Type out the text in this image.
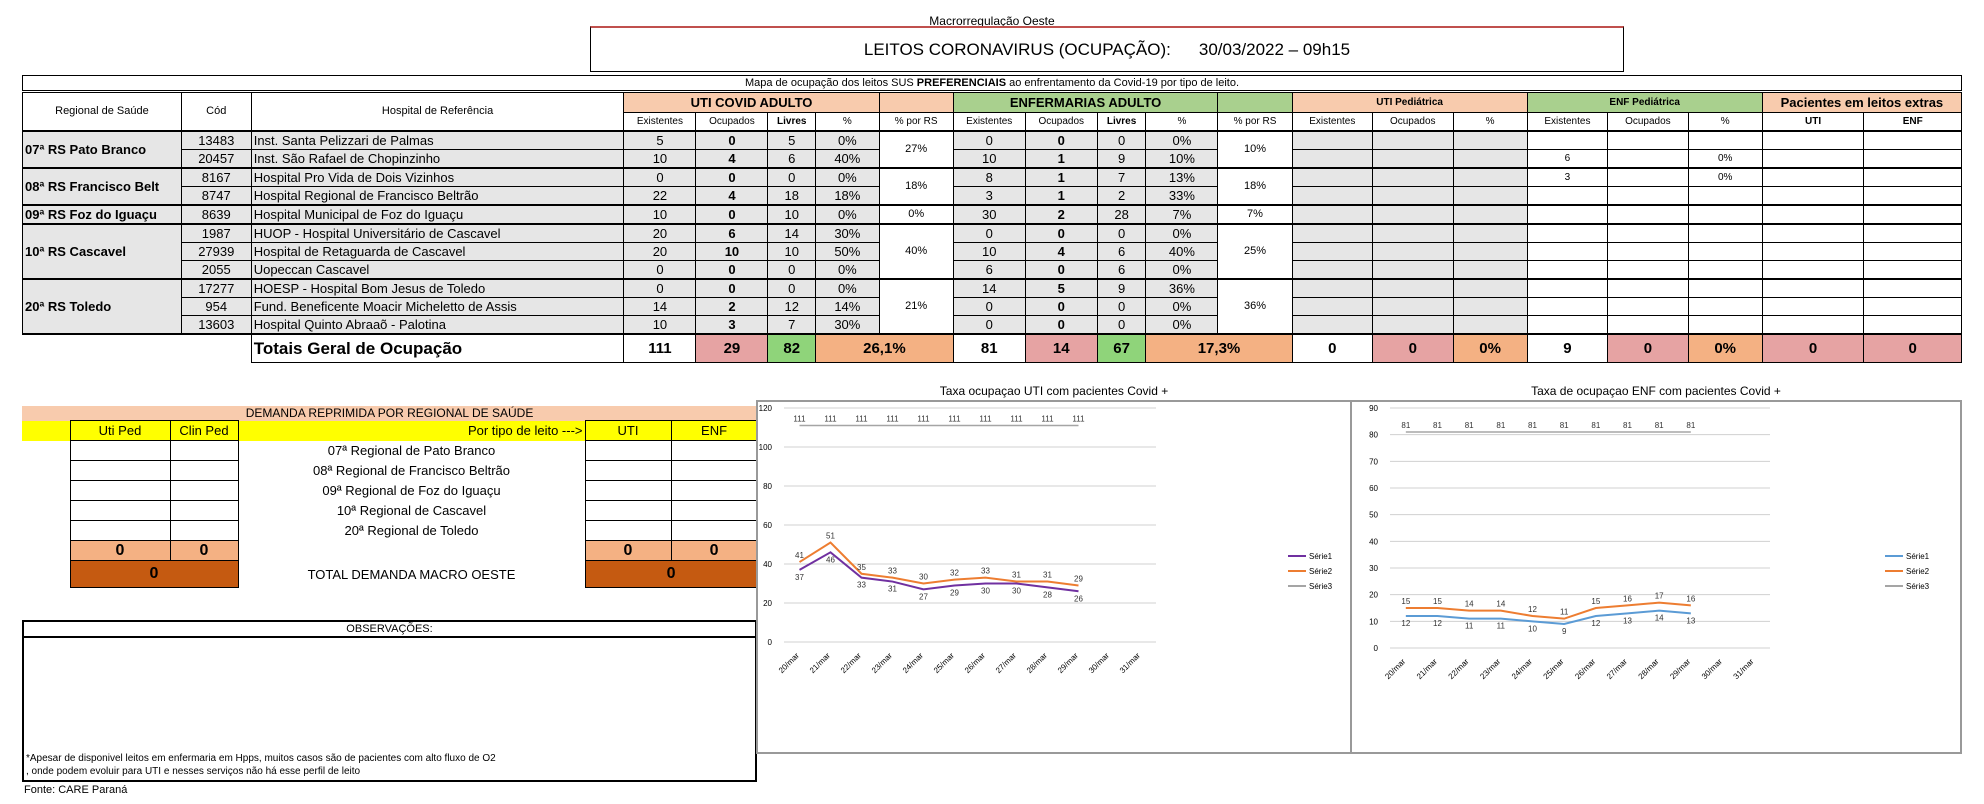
Macrorregulação Oeste
LEITOS CORONAVIRUS (OCUPAÇÃO): 30/03/2022 – 09h15
Mapa de ocupação dos leitos SUS PREFERENCIAIS ao enfrentamento da Covid-19 por tipo de leito.
Regional de Saúde	Cód	Hospital de Referência	UTI COVID ADULTO					ENFERMARIAS ADULTO					UTI Pediátrica			ENF Pediátrica			Pacientes em leitos extras	
			Existentes	Ocupados	Livres	%	% por RS	Existentes	Ocupados	Livres	%	% por RS	Existentes	Ocupados	%	Existentes	Ocupados	%	UTI	ENF
07ª RS Pato Branco	13483	Inst. Santa Pelizzari de Palmas	5	0	5	0%	27%	0	0	0	0%	10%								
	20457	Inst. São Rafael de Chopinzinho	10	4	6	40%		10	1	9	10%					6		0%		
08ª RS Francisco Belt	8167	Hospital Pro Vida de Dois Vizinhos	0	0	0	0%	18%	8	1	7	13%	18%				3		0%		
	8747	Hospital Regional de Francisco Beltrão	22	4	18	18%		3	1	2	33%									
09ª RS Foz do Iguaçu	8639	Hospital Municipal de Foz do Iguaçu	10	0	10	0%	0%	30	2	28	7%	7%								
10ª RS Cascavel	1987	HUOP - Hospital Universitário de Cascavel	20	6	14	30%	40%	0	0	0	0%	25%								
	27939	Hospital de Retaguarda de Cascavel	20	10	10	50%		10	4	6	40%									
	2055	Uopeccan Cascavel	0	0	0	0%		6	0	6	0%									
20ª RS Toledo	17277	HOESP - Hospital Bom Jesus de Toledo	0	0	0	0%	21%	14	5	9	36%	36%								
	954	Fund. Beneficente Moacir Micheletto de Assis	14	2	12	14%		0	0	0	0%									
	13603	Hospital Quinto Abraaõ - Palotina	10	3	7	30%		0	0	0	0%									
		Totais Geral de Ocupação	111	29	82	26,1%		81	14	67	17,3%		0	0	0%	9	0	0%	0	0
DEMANDA REPRIMIDA POR REGIONAL DE SAÚDE					
	Uti Ped	Clin Ped	Por tipo de leito --->	UTI	ENF
			07ª Regional de Pato Branco		
			08ª Regional de Francisco Beltrão		
			09ª Regional de Foz do Iguaçu		
			10ª Regional de Cascavel		
			20ª Regional de Toledo		
	0	0		0	0
	0		TOTAL DEMANDA MACRO OESTE	0	
OBSERVAÇÕES:
*Apesar de disponivel leitos em enfermaria em Hpps, muitos casos são de pacientes com alto fluxo de O2
, onde podem evoluir para UTI e nesses serviços não há esse perfil de leito
Fonte: CARE Paraná
Taxa ocupaçao UTI com pacientes Covid +
0
20
40
60
80
100
120
20/mar 21/mar 22/mar 23/mar 24/mar 25/mar 26/mar 27/mar 28/mar 29/mar 30/mar 31/mar
37
46
33	31
27	29	30	30	28	26
Série1
41
51
35	33
30	32	33	31	31	29
Série2
111 111 111 111 111 111 111 111 111 111
Série3
Taxa de ocupaçao ENF com pacientes Covid +
0
10
20
30
40
50
60
70
80
90
20/mar 21/mar 22/mar 23/mar 24/mar 25/mar 26/mar 27/mar 28/mar 29/mar 30/mar 31/mar
12	12	11	11	10	9
12	13	14	13
Série1
15	15	14	14
12	11
15	16	17	16
Série2
81	81	81	81	81	81	81	81	81	81
Série3
